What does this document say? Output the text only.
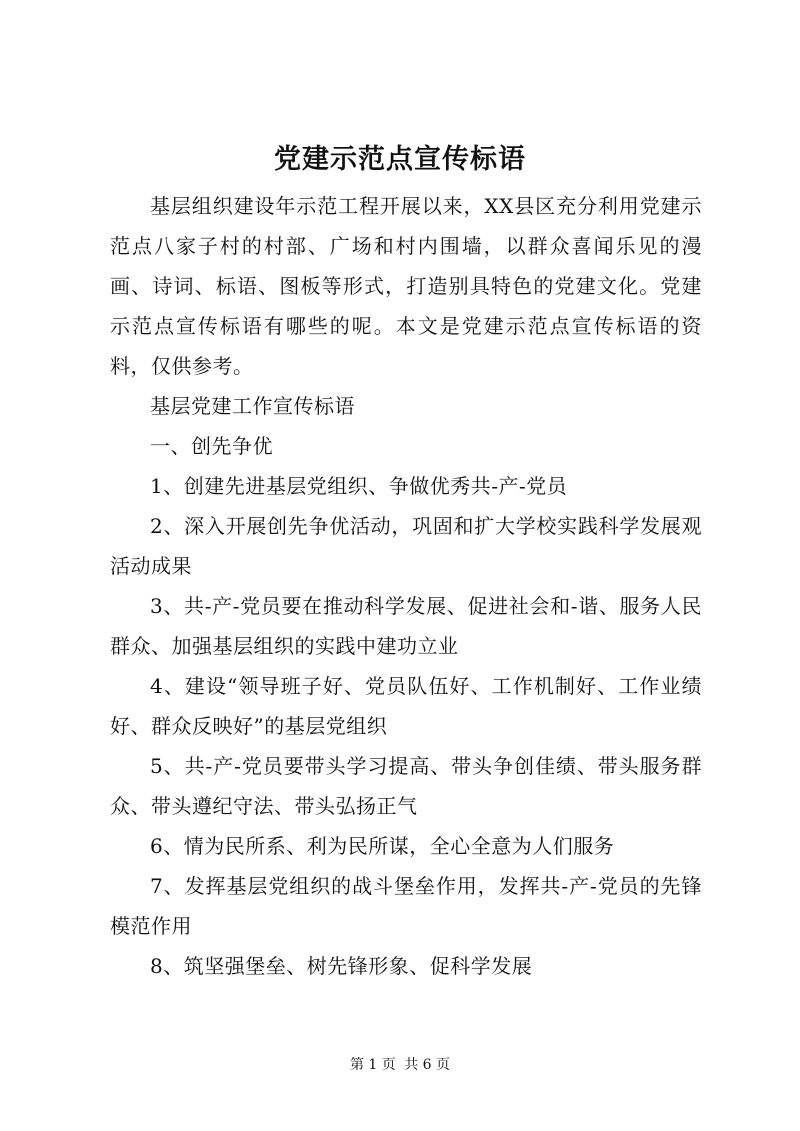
党建示范点宣传标语

基层组织建设年示范工程开展以来，XX县区充分利用党建示范点八家子村的村部、广场和村内围墙，以群众喜闻乐见的漫画、诗词、标语、图板等形式，打造别具特色的党建文化。党建示范点宣传标语有哪些的呢。本文是党建示范点宣传标语的资料，仅供参考。

基层党建工作宣传标语

一、创先争优

1、创建先进基层党组织、争做优秀共-产-党员

2、深入开展创先争优活动，巩固和扩大学校实践科学发展观活动成果

3、共-产-党员要在推动科学发展、促进社会和-谐、服务人民群众、加强基层组织的实践中建功立业

4、建设“领导班子好、党员队伍好、工作机制好、工作业绩好、群众反映好”的基层党组织

5、共-产-党员要带头学习提高、带头争创佳绩、带头服务群众、带头遵纪守法、带头弘扬正气

6、情为民所系、利为民所谋，全心全意为人们服务

7、发挥基层党组织的战斗堡垒作用，发挥共-产-党员的先锋模范作用

8、筑坚强堡垒、树先锋形象、促科学发展

第 1 页 共 6 页
